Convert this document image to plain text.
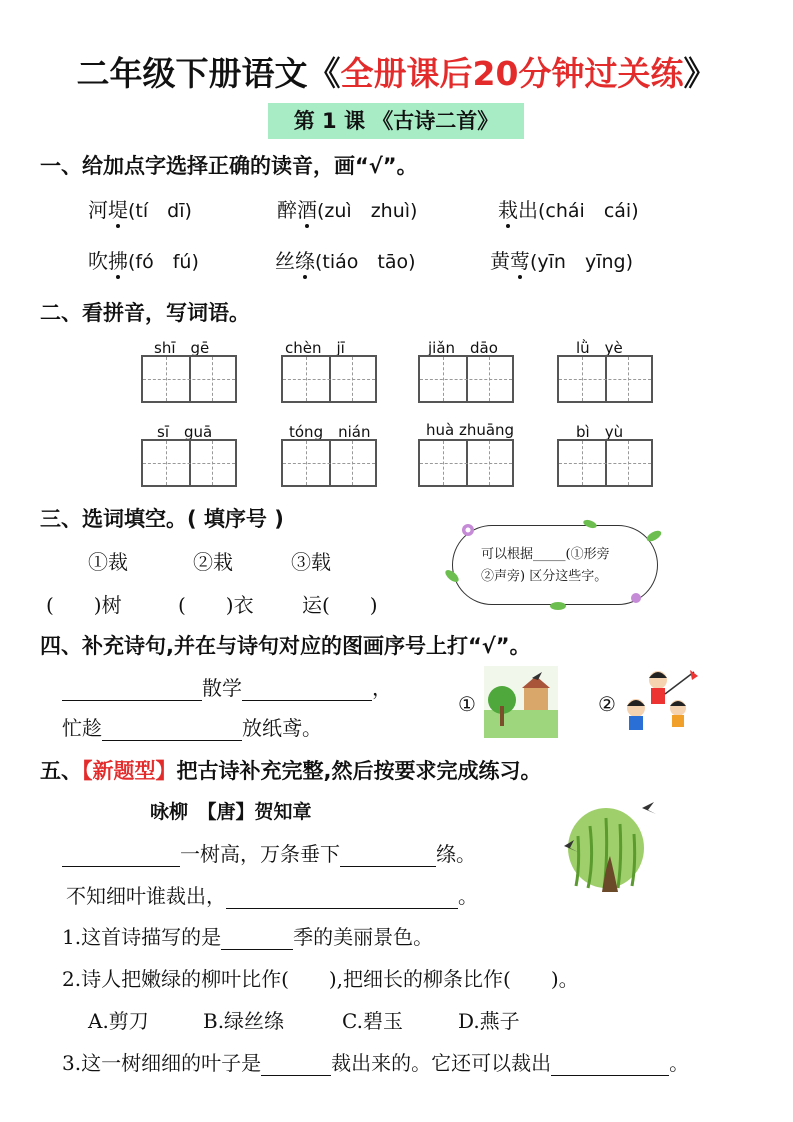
二年级下册语文《全册课后20分钟过关练》
第 1 课 《古诗二首》
一、给加点字选择正确的读音，画“√”。
河堤(tí　dī)	醉酒(zuì　zhuì)	栽出(chái　cái)
吹拂(fó　fú)	丝绦(tiáo　tāo)	黄莺(yīn　yīng)
二、看拼音，写词语。
shī　gē	chèn　jī	jiǎn　dāo	lǜ　yè
sī　guā	tóng　nián	huà zhuāng	bì　yù
三、选词填空。( 填序号 )
①裁	②栽	③载
(　　)树	(　　)衣 运(　　)
可以根据_____(①形旁
②声旁) 区分这些字。
四、补充诗句,并在与诗句对应的图画序号上打“√”。
散学	，
忙趁	放纸鸢。
①	②
五、【新题型】把古诗补充完整,然后按要求完成练习。
咏柳　【唐】贺知章
一树高，万条垂下	绦。
不知细叶谁裁出，	。
1.这首诗描写的是	季的美丽景色。
2.诗人把嫩绿的柳叶比作(　　),把细长的柳条比作(　　)。
A.剪刀	B.绿丝绦	C.碧玉	D.燕子
3.这一树细细的叶子是	裁出来的。它还可以裁出	。
